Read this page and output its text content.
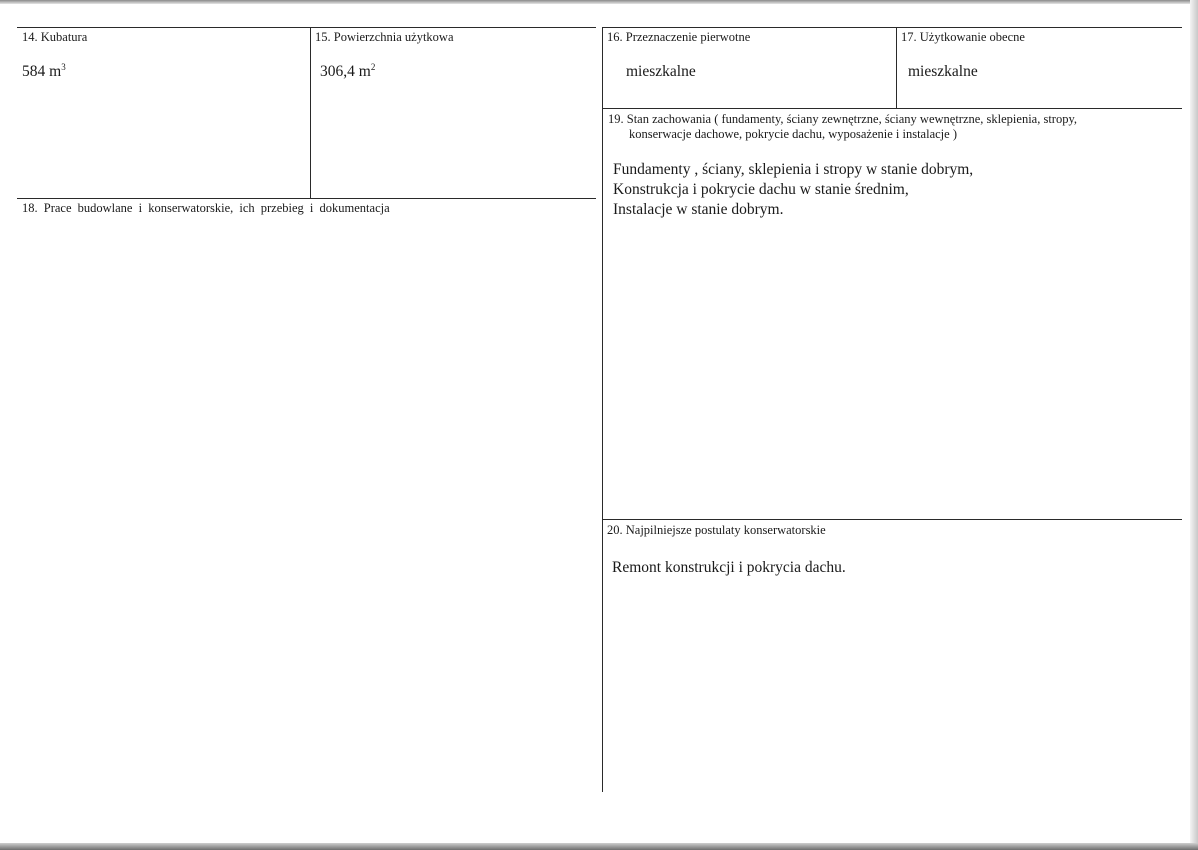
14. Kubatura

584 $m^3$

15. Powierzchnia użytkowa

306,4 $m^2$

16. Przeznaczenie pierwotne

mieszkalne

17. Użytkowanie obecne

mieszkalne

19. Stan zachowania ( fundamenty, ściany zewnętrzne, ściany wewnętrzne, sklepienia, stropy,
konserwacje dachowe, pokrycie dachu, wyposażenie i instalacje )
Fundamenty , ściany, sklepienia i stropy w stanie dobrym,
Konstrukcja i pokrycie dachu w stanie średnim,
Instalacje w stanie dobrym.

18. Prace budowlane i konserwatorskie, ich przebieg i dokumentacja

20. Najpilniejsze postulaty konserwatorskie

Remont konstrukcji i pokrycia dachu.
